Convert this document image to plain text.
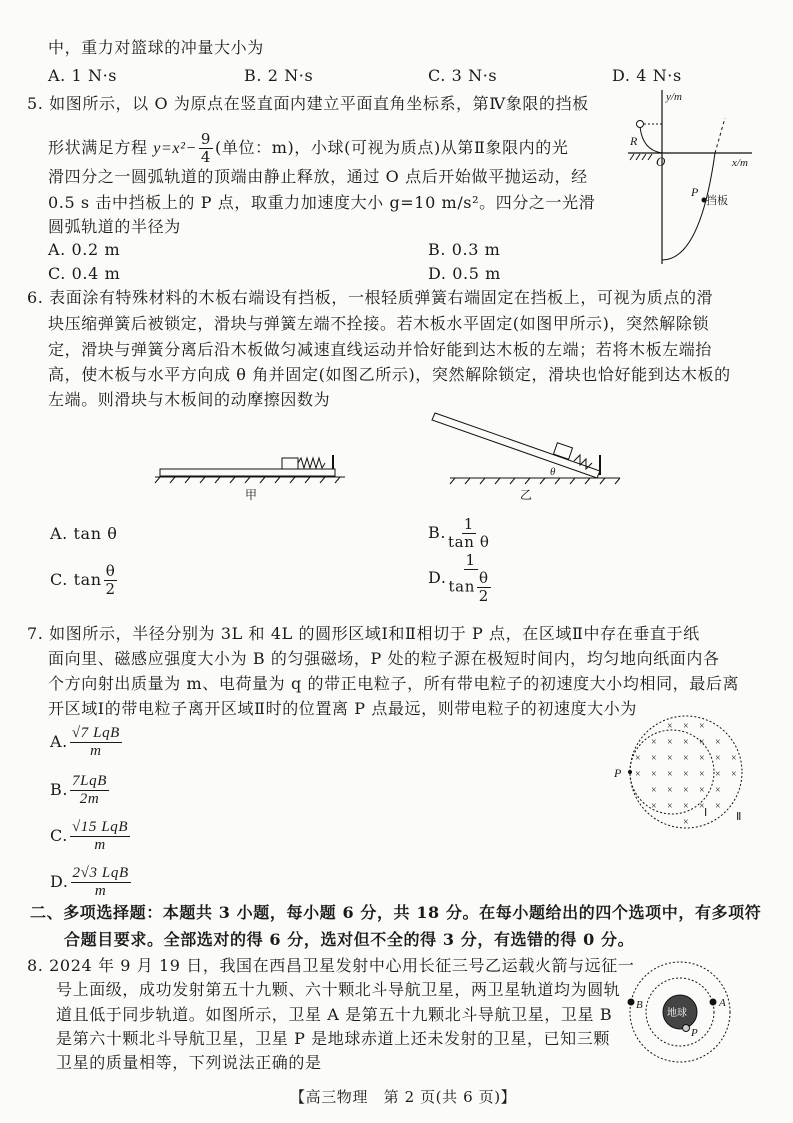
中，重力对篮球的冲量大小为
A. 1 N·s	B. 2 N·s	C. 3 N·s	D. 4 N·s
5. 如图所示，以 O 为原点在竖直面内建立平面直角坐标系，第Ⅳ象限的挡板
形状满足方程 $y=x^2- \frac{9}{4}$ (单位：m)，小球(可视为质点)从第Ⅱ象限内的光
滑四分之一圆弧轨道的顶端由静止释放，通过 O 点后开始做平抛运动，经
0.5 s 击中挡板上的 P 点，取重力加速度大小 g=10 m/s²。四分之一光滑
圆弧轨道的半径为
A. 0.2 m	B. 0.3 m
C. 0.4 m	D. 0.5 m
y/m
x/m
O
R
P
挡板
6. 表面涂有特殊材料的木板右端设有挡板，一根轻质弹簧右端固定在挡板上，可视为质点的滑
块压缩弹簧后被锁定，滑块与弹簧左端不拴接。若木板水平固定(如图甲所示)，突然解除锁
定，滑块与弹簧分离后沿木板做匀减速直线运动并恰好能到达木板的左端；若将木板左端抬
高，使木板与水平方向成 θ 角并固定(如图乙所示)，突然解除锁定，滑块也恰好能到达木板的
左端。则滑块与木板间的动摩擦因数为
甲
θ
乙
A. tan θ	B. $\frac{1}{\text{tan θ}}$
C. $\tan \frac{\theta}{2}$	D. $\frac{1}{\tan \frac{\theta}{2}}$
7. 如图所示，半径分别为 3L 和 4L 的圆形区域Ⅰ和Ⅱ相切于 P 点，在区域Ⅱ中存在垂直于纸
面向里、磁感应强度大小为 B 的匀强磁场，P 处的粒子源在极短时间内，均匀地向纸面内各
个方向射出质量为 m、电荷量为 q 的带正电粒子，所有带电粒子的初速度大小均相同，最后离
开区域Ⅰ的带电粒子离开区域Ⅱ时的位置离 P 点最远，则带电粒子的初速度大小为
A. $\frac{\text{√7 LqB}}{m}$
B. $\frac{\text{7LqB}}{2m}$
C. $\frac{\text{√15 LqB}}{m}$
D. $\frac{\text{2√3 LqB}}{m}$
P
Ⅰ	Ⅱ
× × ×
× × × × ×
× × × × × × ×
× × × × × × ×
× × × × ×
× × × × ×
×
二、多项选择题：本题共 3 小题，每小题 6 分，共 18 分。在每小题给出的四个选项中，有多项符
合题目要求。全部选对的得 6 分，选对但不全的得 3 分，有选错的得 0 分。
8. 2024 年 9 月 19 日，我国在西昌卫星发射中心用长征三号乙运载火箭与远征一
号上面级，成功发射第五十九颗、六十颗北斗导航卫星，两卫星轨道均为圆轨
道且低于同步轨道。如图所示，卫星 A 是第五十九颗北斗导航卫星，卫星 B
是第六十颗北斗导航卫星，卫星 P 是地球赤道上还未发射的卫星，已知三颗
卫星的质量相等，下列说法正确的是
地球
B	A
P
【高三物理　第 2 页(共 6 页)】
